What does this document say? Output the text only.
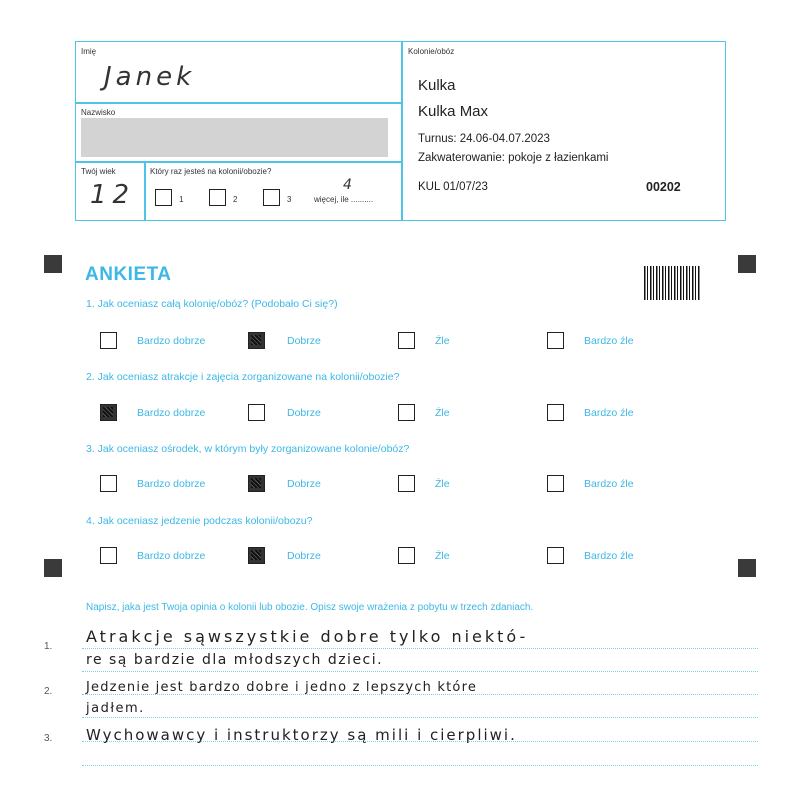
Imię
Janek
Nazwisko
Twój wiek
12
Który raz jesteś na kolonii/obozie?
1	2	3	więcej, ile ..........
4
Kolonie/obóz
Kulka
Kulka Max
Turnus: 24.06-04.07.2023
Zakwaterowanie: pokoje z łazienkami
KUL 01/07/23	00202
ANKIETA
1. Jak oceniasz całą kolonię/obóz? (Podobało Ci się?)
2. Jak oceniasz atrakcje i zajęcia zorganizowane na kolonii/obozie?
3. Jak oceniasz ośrodek, w którym były zorganizowane kolonie/obóz?
4. Jak oceniasz jedzenie podczas kolonii/obozu?
Bardzo dobrze	Dobrze	Źle	Bardzo źle
Bardzo dobrze	Dobrze	Źle	Bardzo źle
Bardzo dobrze	Dobrze	Źle	Bardzo źle
Bardzo dobrze	Dobrze	Źle	Bardzo źle
Napisz, jaka jest Twoja opinia o kolonii lub obozie. Opisz swoje wrażenia z pobytu w trzech zdaniach.
1.
2.
3.
Atrakcje sąwszystkie dobre tylko niektó-
re są bardzie dla młodszych dzieci.
Jedzenie jest bardzo dobre i jedno z lepszych które
jadłem.
Wychowawcy i instruktorzy są mili i cierpliwi.
